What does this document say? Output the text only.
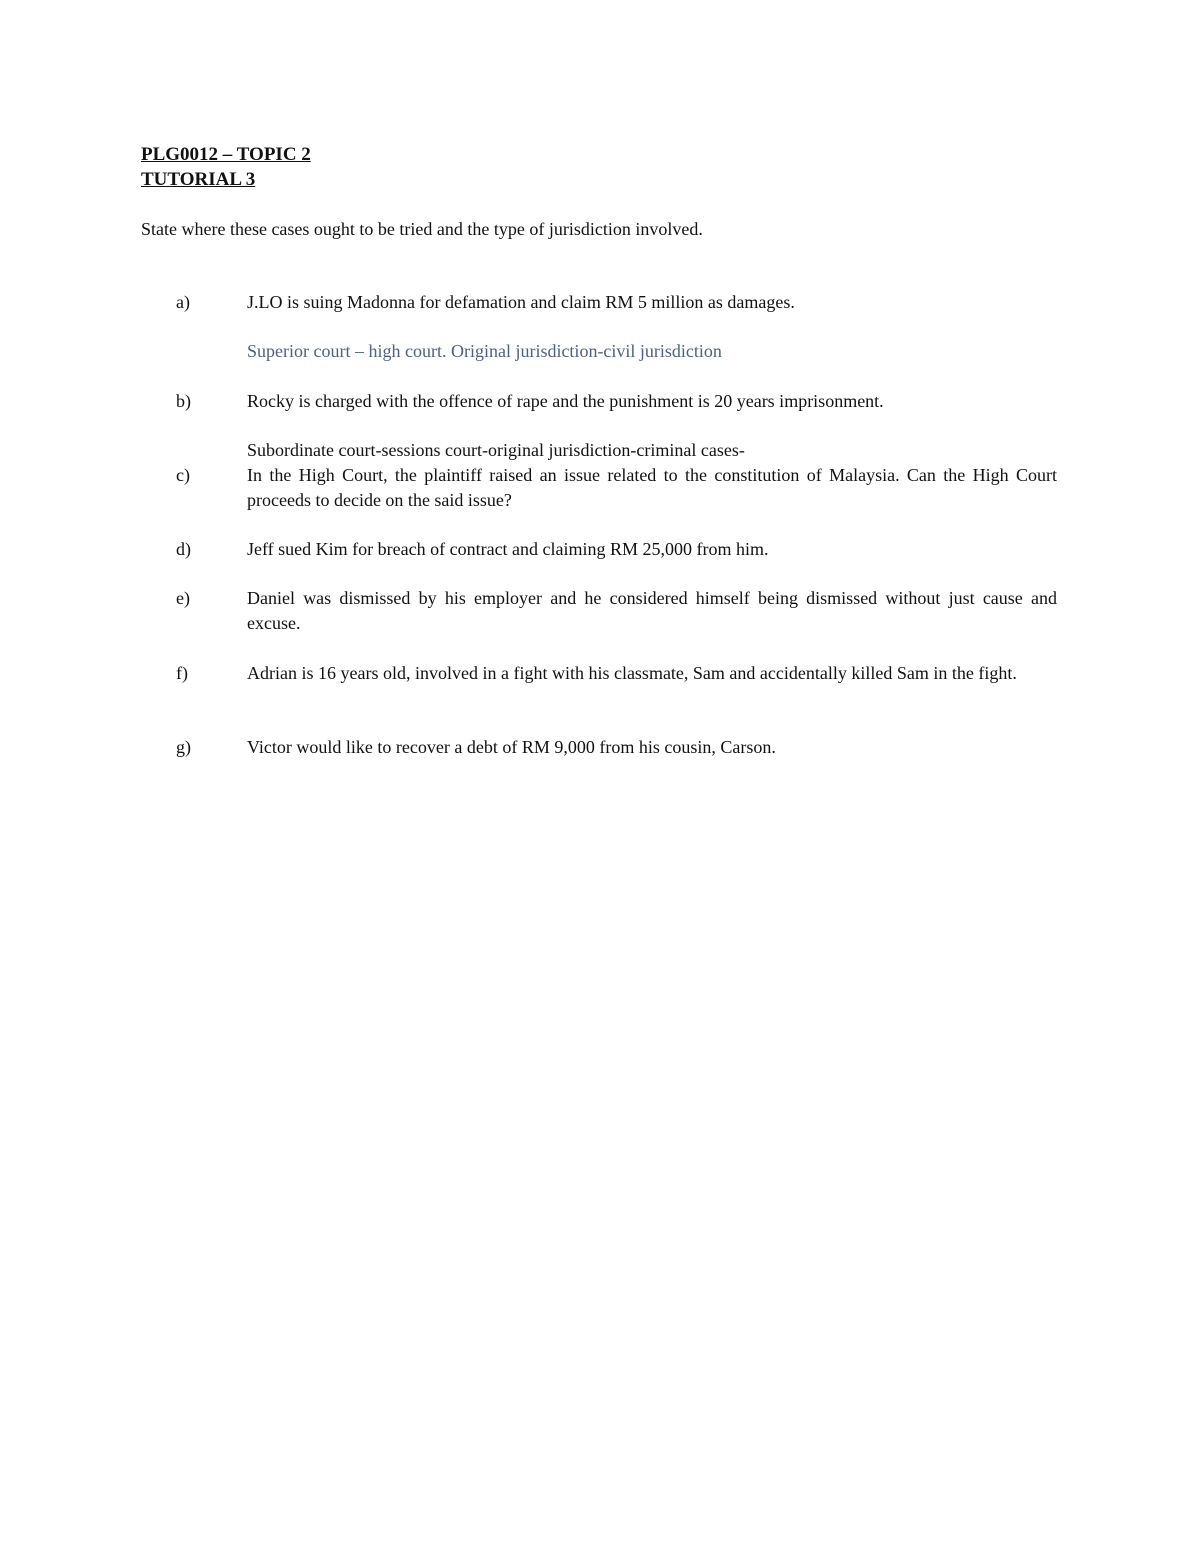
PLG0012 – TOPIC 2
TUTORIAL 3
State where these cases ought to be tried and the type of jurisdiction involved.
a)	J.LO is suing Madonna for defamation and claim RM 5 million as damages.
Superior court – high court. Original jurisdiction-civil jurisdiction
b)	Rocky is charged with the offence of rape and the punishment is 20 years imprisonment.
Subordinate court-sessions court-original jurisdiction-criminal cases-
c)	In the High Court, the plaintiff raised an issue related to the constitution of Malaysia. Can the High Court proceeds to decide on the said issue?
d)	Jeff sued Kim for breach of contract and claiming RM 25,000 from him.
e)	Daniel was dismissed by his employer and he considered himself being dismissed without just cause and excuse.
f)	Adrian is 16 years old, involved in a fight with his classmate, Sam and accidentally killed Sam in the fight.
g)	Victor would like to recover a debt of RM 9,000 from his cousin, Carson.
